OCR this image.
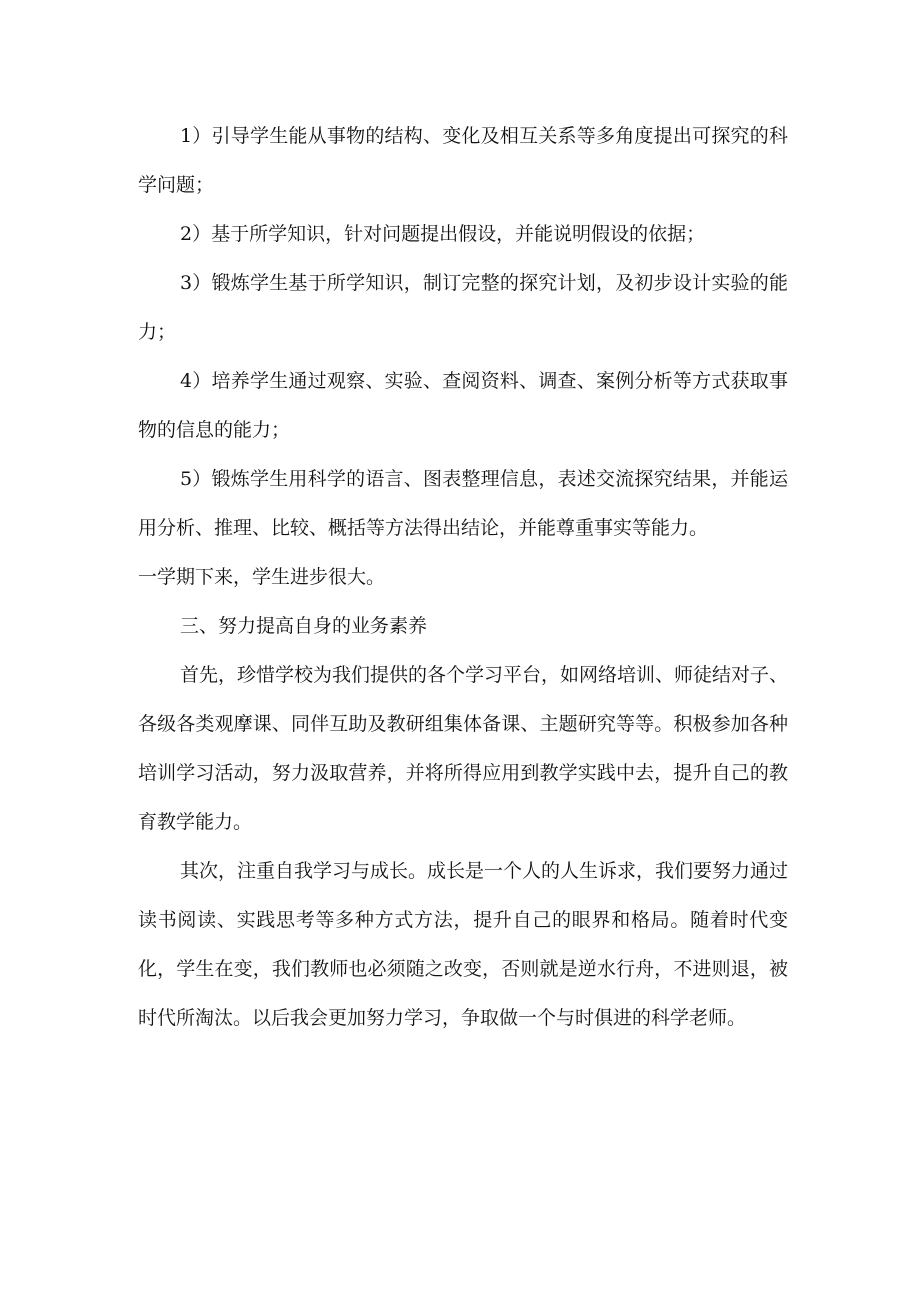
1）引导学生能从事物的结构、变化及相互关系等多角度提出可探究的科学问题；

2）基于所学知识，针对问题提出假设，并能说明假设的依据；

3）锻炼学生基于所学知识，制订完整的探究计划，及初步设计实验的能力；

4）培养学生通过观察、实验、查阅资料、调查、案例分析等方式获取事物的信息的能力；

5）锻炼学生用科学的语言、图表整理信息，表述交流探究结果，并能运用分析、推理、比较、概括等方法得出结论，并能尊重事实等能力。

一学期下来，学生进步很大。

三、努力提高自身的业务素养

首先，珍惜学校为我们提供的各个学习平台，如网络培训、师徒结对子、各级各类观摩课、同伴互助及教研组集体备课、主题研究等等。积极参加各种培训学习活动，努力汲取营养，并将所得应用到教学实践中去，提升自己的教育教学能力。

其次，注重自我学习与成长。成长是一个人的人生诉求，我们要努力通过读书阅读、实践思考等多种方式方法，提升自己的眼界和格局。随着时代变化，学生在变，我们教师也必须随之改变，否则就是逆水行舟，不进则退，被时代所淘汰。以后我会更加努力学习，争取做一个与时俱进的科学老师。
